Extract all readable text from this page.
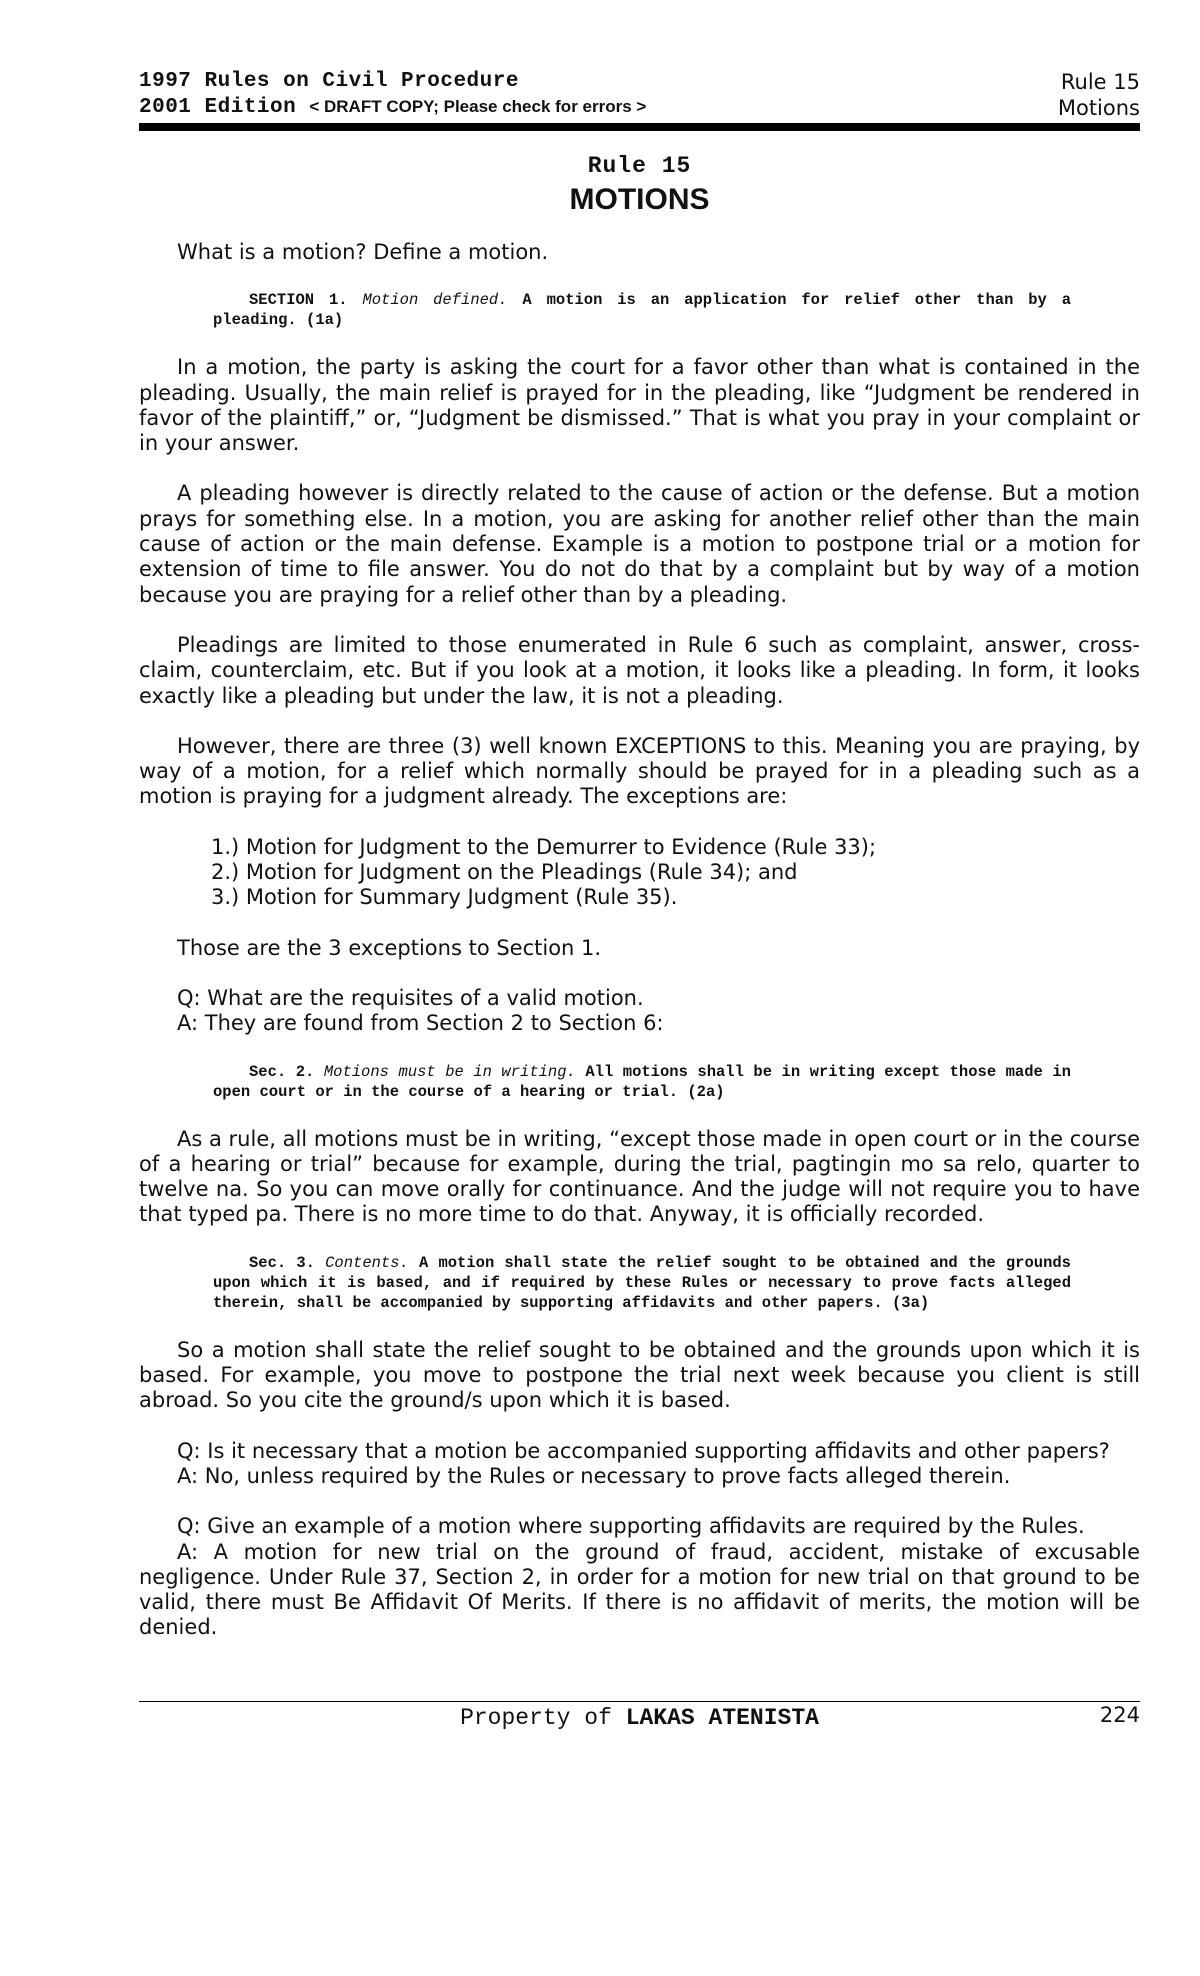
1997 Rules on Civil Procedure
2001 Edition < DRAFT COPY; Please check for errors >
Rule 15
Motions
Rule 15
MOTIONS
What is a motion? Define a motion.
SECTION 1. Motion defined. A motion is an application for relief other than by a pleading. (1a)

In a motion, the party is asking the court for a favor other than what is contained in the pleading. Usually, the main relief is prayed for in the pleading, like “Judgment be rendered in favor of the plaintiff,” or, “Judgment be dismissed.” That is what you pray in your complaint or in your answer.

A pleading however is directly related to the cause of action or the defense. But a motion prays for something else. In a motion, you are asking for another relief other than the main cause of action or the main defense. Example is a motion to postpone trial or a motion for extension of time to file answer. You do not do that by a complaint but by way of a motion because you are praying for a relief other than by a pleading.

Pleadings are limited to those enumerated in Rule 6 such as complaint, answer, cross-claim, counterclaim, etc. But if you look at a motion, it looks like a pleading. In form, it looks exactly like a pleading but under the law, it is not a pleading.

However, there are three (3) well known EXCEPTIONS to this. Meaning you are praying, by way of a motion, for a relief which normally should be prayed for in a pleading such as a motion is praying for a judgment already. The exceptions are:

1.) Motion for Judgment to the Demurrer to Evidence (Rule 33);
2.) Motion for Judgment on the Pleadings (Rule 34); and
3.) Motion for Summary Judgment (Rule 35).

Those are the 3 exceptions to Section 1.

Q: What are the requisites of a valid motion.

A: They are found from Section 2 to Section 6:

Sec. 2. Motions must be in writing. All motions shall be in writing except those made in open court or in the course of a hearing or trial. (2a)

As a rule, all motions must be in writing, “except those made in open court or in the course of a hearing or trial” because for example, during the trial, pagtingin mo sa relo, quarter to twelve na. So you can move orally for continuance. And the judge will not require you to have that typed pa. There is no more time to do that. Anyway, it is officially recorded.

Sec. 3. Contents. A motion shall state the relief sought to be obtained and the grounds upon which it is based, and if required by these Rules or necessary to prove facts alleged therein, shall be accompanied by supporting affidavits and other papers. (3a)

So a motion shall state the relief sought to be obtained and the grounds upon which it is based. For example, you move to postpone the trial next week because you client is still abroad. So you cite the ground/s upon which it is based.

Q: Is it necessary that a motion be accompanied supporting affidavits and other papers?

A: No, unless required by the Rules or necessary to prove facts alleged therein.

Q: Give an example of a motion where supporting affidavits are required by the Rules.

A: A motion for new trial on the ground of fraud, accident, mistake of excusable negligence. Under Rule 37, Section 2, in order for a motion for new trial on that ground to be valid, there must Be Affidavit Of Merits. If there is no affidavit of merits, the motion will be denied.

Property of LAKAS ATENISTA	224
